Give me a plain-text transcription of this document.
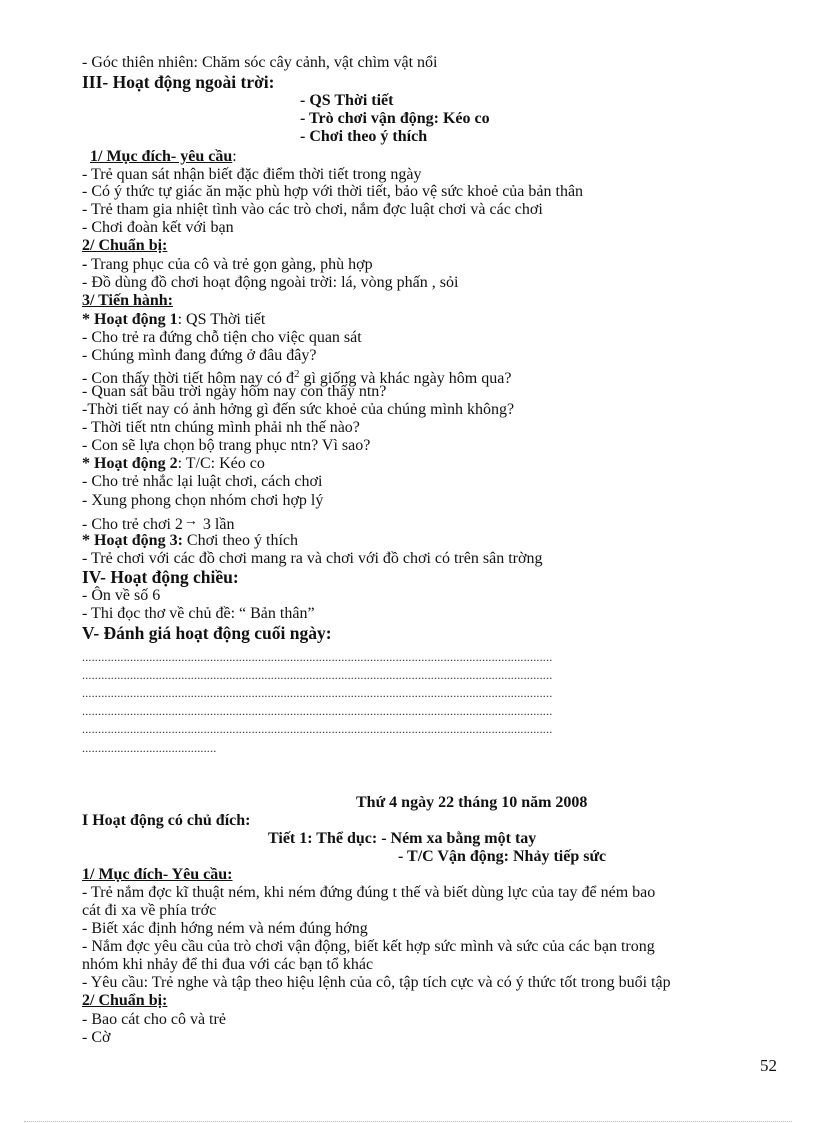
- Góc thiên nhiên: Chăm sóc cây cảnh, vật chìm vật nổi
III- Hoạt động ngoài trời:
- QS Thời tiết
- Trò chơi vận động: Kéo co
- Chơi theo ý thích
1/ Mục đích- yêu cầu:
- Trẻ quan sát nhận biết đặc điểm thời tiết trong ngày
- Có ý thức tự giác ăn mặc phù hợp với thời tiết, bảo vệ sức khoẻ của bản thân
- Trẻ tham gia nhiệt tình vào các trò chơi, nắm đợc luật chơi và các chơi
- Chơi đoàn kết với bạn
2/ Chuẩn bị:
- Trang phục của cô và trẻ gọn gàng, phù hợp
- Đồ dùng đồ chơi hoạt động ngoài trời: lá, vòng phấn , sỏi
3/ Tiến hành:
* Hoạt động 1: QS Thời tiết
- Cho trẻ ra đứng chỗ tiện cho việc quan sát
- Chúng mình đang đứng ở đâu đây?
- Con thấy thời tiết hôm nay có $đ^2$ gì giống và khác ngày hôm qua?
- Quan sát bầu trời ngày hôm nay con thấy ntn?
-Thời tiết nay có ảnh hởng gì đến sức khoẻ của chúng mình không?
- Thời tiết ntn chúng mình phải nh thế nào?
- Con sẽ lựa chọn bộ trang phục ntn? Vì sao?
* Hoạt động 2: T/C: Kéo co
- Cho trẻ nhắc lại luật chơi, cách chơi
- Xung phong chọn nhóm chơi hợp lý
- Cho trẻ chơi 2→ 3 lần
* Hoạt động 3: Chơi theo ý thích
- Trẻ chơi với các đồ chơi mang ra và chơi với đồ chơi có trên sân trờng
IV- Hoạt động chiều:
- Ôn về số 6
- Thi đọc thơ về chủ đề: “ Bản thân”
V- Đánh giá hoạt động cuối ngày:
...................................................................................................................................................
...................................................................................................................................................
...................................................................................................................................................
...................................................................................................................................................
...................................................................................................................................................
..........................................
Thứ 4 ngày 22 tháng 10 năm 2008
I Hoạt động có chủ đích:
Tiết 1: Thể dục: - Ném xa bằng một tay
- T/C Vận động: Nhảy tiếp sức
1/ Mục đích- Yêu cầu:
- Trẻ nắm đợc kĩ thuật ném, khi ném đứng đúng t thế và biết dùng lực của tay để ném bao
cát đi xa về phía trớc
- Biết xác định hớng ném và ném đúng hớng
- Nắm đợc yêu cầu của trò chơi vận động, biết kết hợp sức mình và sức của các bạn trong
nhóm khi nhảy để thi đua với các bạn tổ khác
- Yêu cầu: Trẻ nghe và tập theo hiệu lệnh của cô, tập tích cực và có ý thức tốt trong buổi tập
2/ Chuẩn bị:
- Bao cát cho cô và trẻ
- Cờ
52
